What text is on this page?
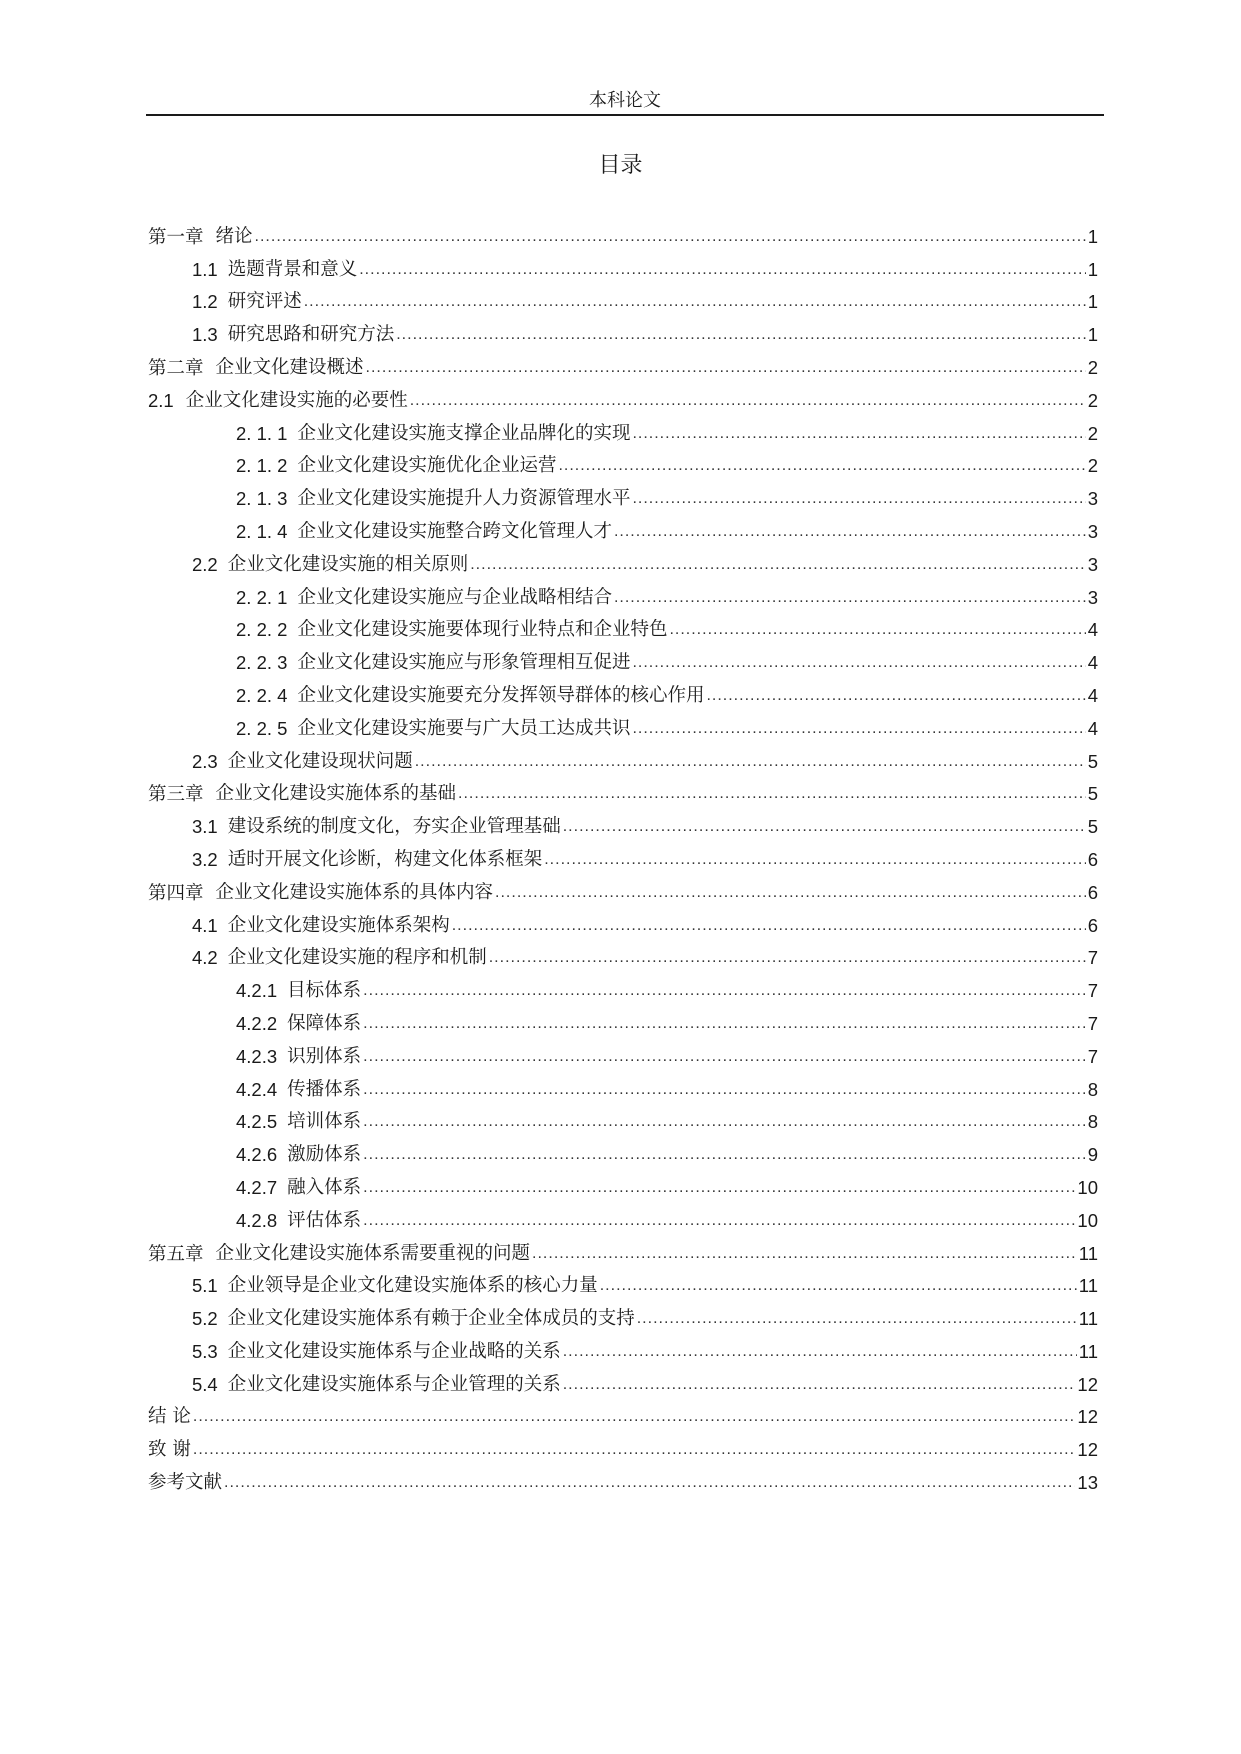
本科论文
目录
第一章 绪论 .....	1
1.1 选题背景和意义 .....	1
1.2 研究评述 .....	1
1.3 研究思路和研究方法 .....	1
第二章 企业文化建设概述 .....	2
2.1 企业文化建设实施的必要性 .....	2
2. 1. 1 企业文化建设实施支撑企业品牌化的实现 .....	2
2. 1. 2 企业文化建设实施优化企业运营 .....	2
2. 1. 3 企业文化建设实施提升人力资源管理水平 .....	3
2. 1. 4 企业文化建设实施整合跨文化管理人才 .....	3
2.2 企业文化建设实施的相关原则 .....	3
2. 2. 1 企业文化建设实施应与企业战略相结合 .....	3
2. 2. 2 企业文化建设实施要体现行业特点和企业特色 .....	4
2. 2. 3 企业文化建设实施应与形象管理相互促进 .....	4
2. 2. 4 企业文化建设实施要充分发挥领导群体的核心作用 .....	4
2. 2. 5 企业文化建设实施要与广大员工达成共识 .....	4
2.3 企业文化建设现状问题 .....	5
第三章 企业文化建设实施体系的基础 .....	5
3.1 建设系统的制度文化，夯实企业管理基础 .....	5
3.2 适时开展文化诊断，构建文化体系框架 .....	6
第四章 企业文化建设实施体系的具体内容 .....	6
4.1 企业文化建设实施体系架构 .....	6
4.2 企业文化建设实施的程序和机制 .....	7
4.2.1 目标体系 .....	7
4.2.2 保障体系 .....	7
4.2.3 识别体系 .....	7
4.2.4 传播体系 .....	8
4.2.5 培训体系 .....	8
4.2.6 激励体系 .....	9
4.2.7 融入体系 .....	10
4.2.8 评估体系 .....	10
第五章 企业文化建设实施体系需要重视的问题 .....	11
5.1 企业领导是企业文化建设实施体系的核心力量 .....	11
5.2 企业文化建设实施体系有赖于企业全体成员的支持 .....	11
5.3 企业文化建设实施体系与企业战略的关系 .....	11
5.4 企业文化建设实施体系与企业管理的关系 .....	12
结 论 .....	12
致 谢 .....	12
参考文献 .....	13
